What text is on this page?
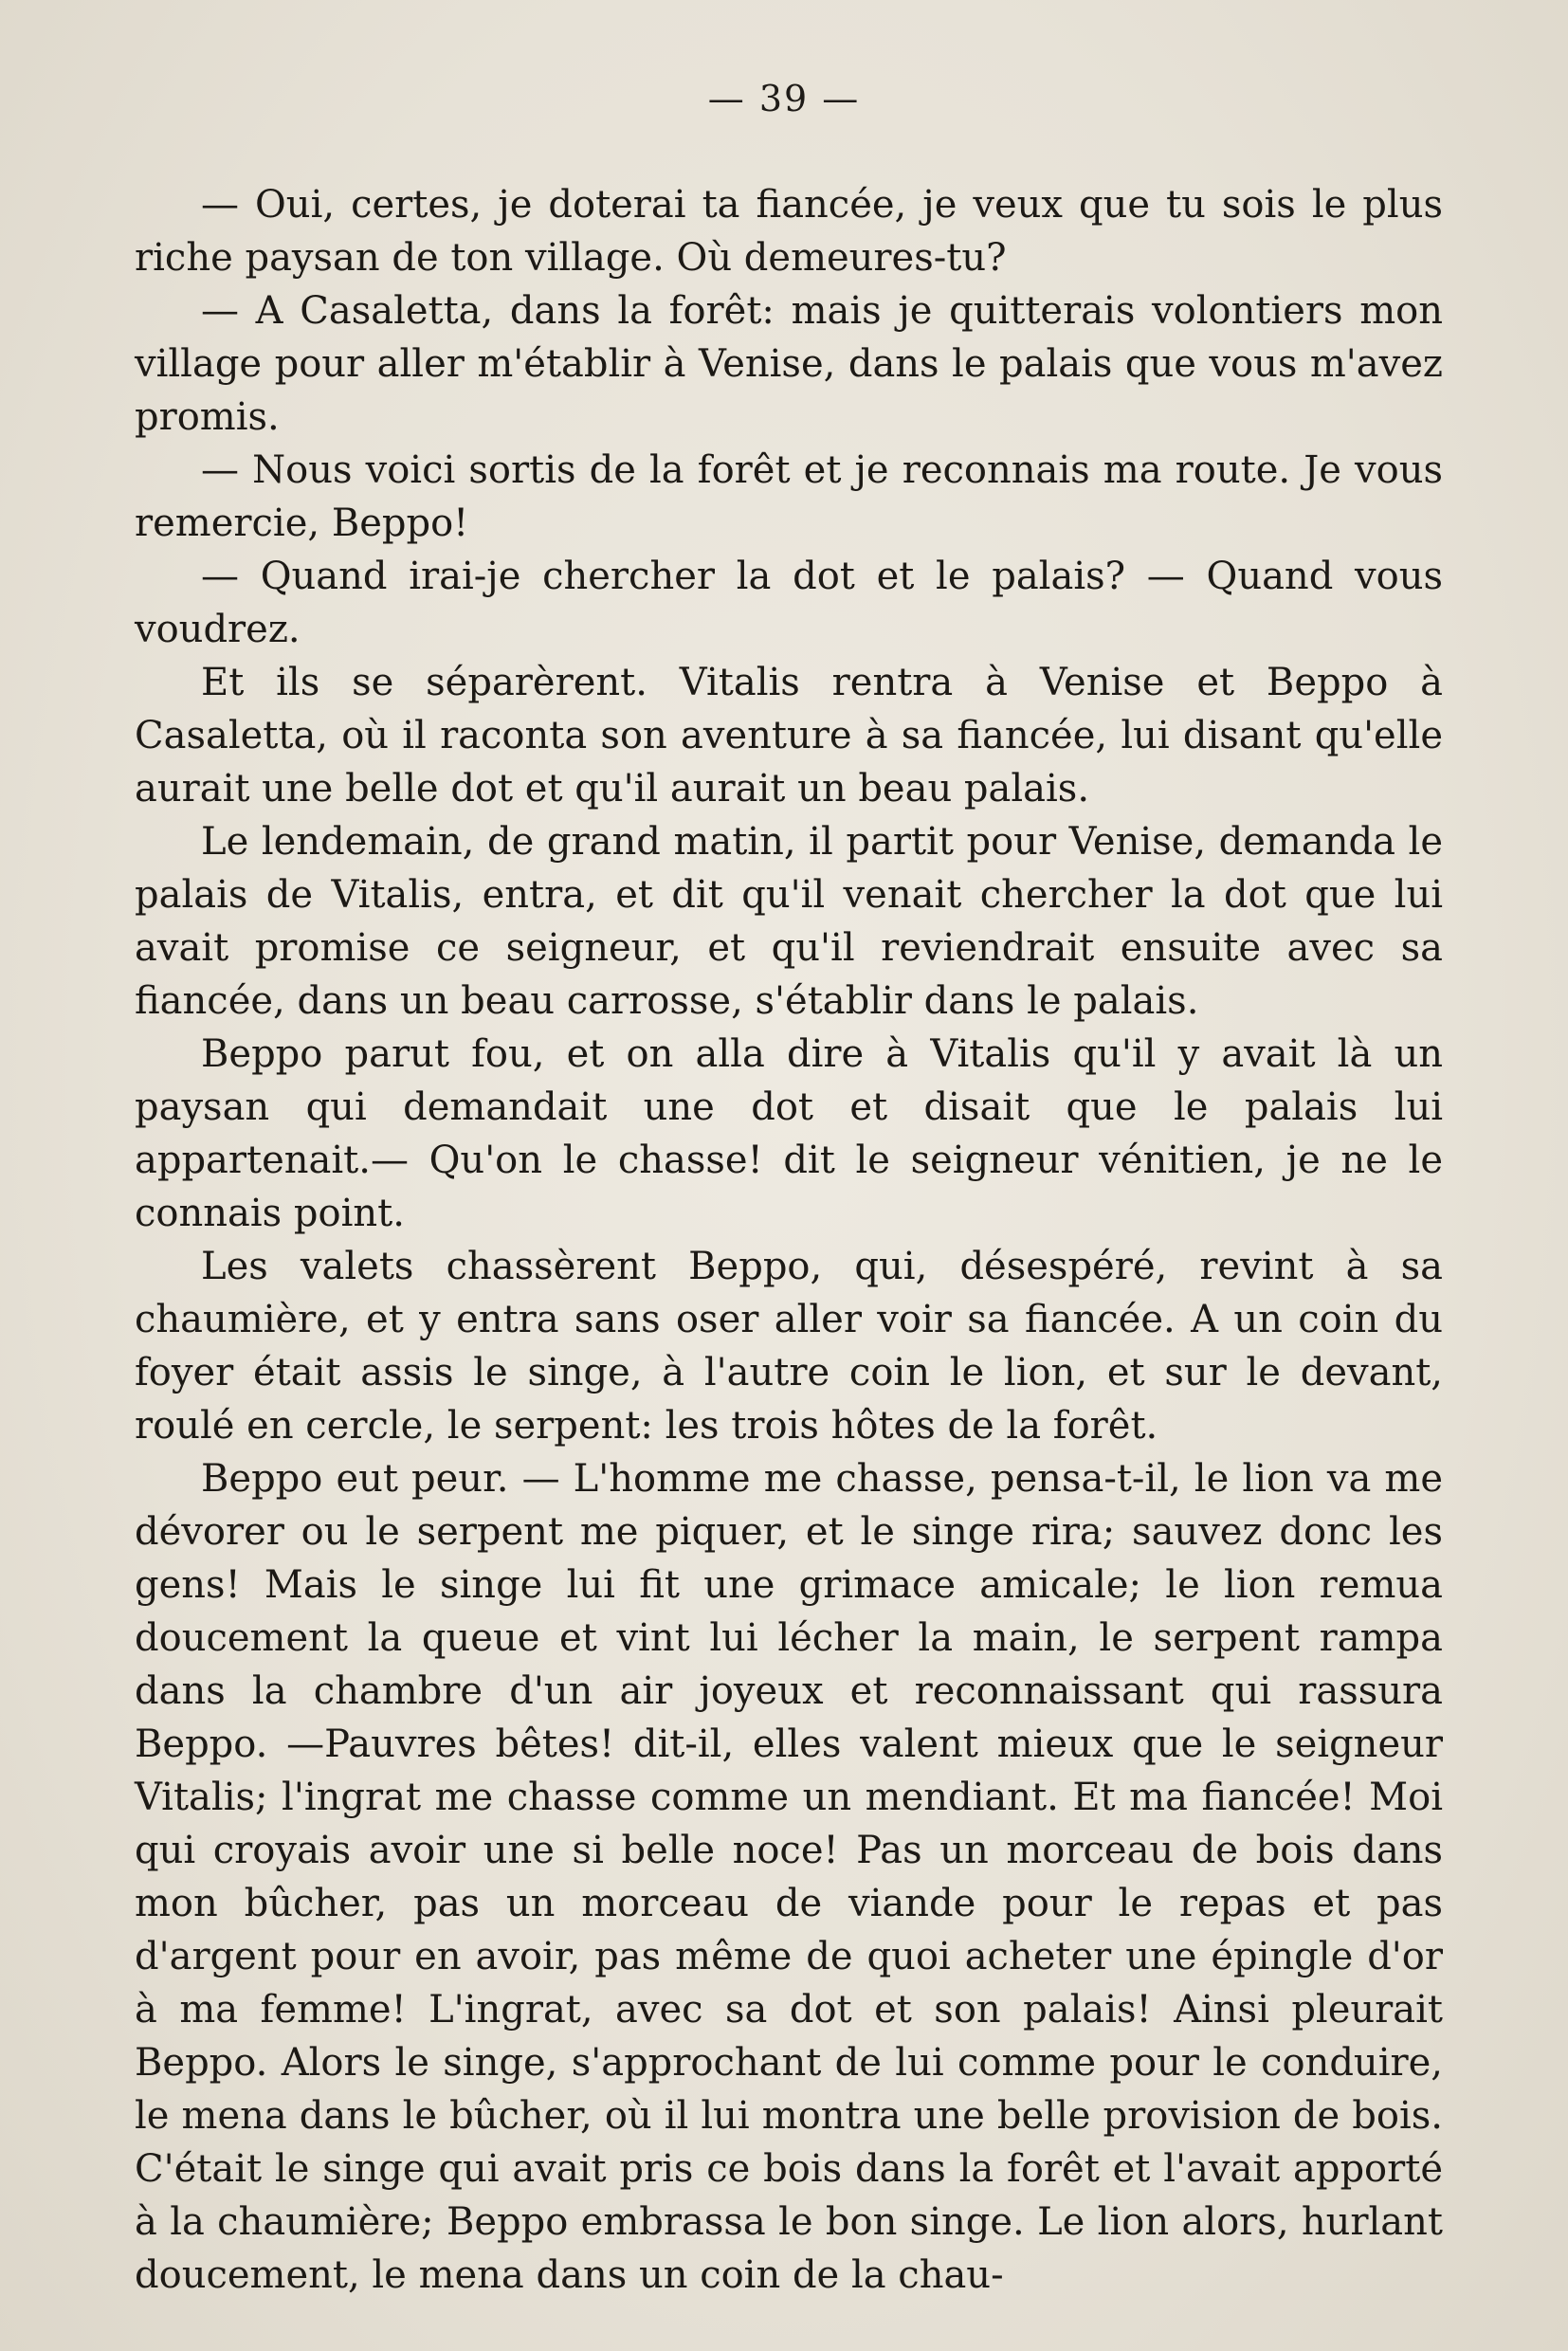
— 39 —

— Oui, certes, je doterai ta fiancée, je veux que tu sois le plus riche paysan de ton village. Où demeures-tu?

— A Casaletta, dans la forêt: mais je quitterais volontiers mon village pour aller m'établir à Venise, dans le palais que vous m'avez promis.

— Nous voici sortis de la forêt et je reconnais ma route. Je vous remercie, Beppo!

— Quand irai-je chercher la dot et le palais? — Quand vous voudrez.

Et ils se séparèrent. Vitalis rentra à Venise et Beppo à Casaletta, où il raconta son aventure à sa fiancée, lui disant qu'elle aurait une belle dot et qu'il aurait un beau palais.

Le lendemain, de grand matin, il partit pour Venise, demanda le palais de Vitalis, entra, et dit qu'il venait chercher la dot que lui avait promise ce seigneur, et qu'il reviendrait ensuite avec sa fiancée, dans un beau carrosse, s'établir dans le palais.

Beppo parut fou, et on alla dire à Vitalis qu'il y avait là un paysan qui demandait une dot et disait que le palais lui appartenait.— Qu'on le chasse! dit le seigneur vénitien, je ne le connais point.

Les valets chassèrent Beppo, qui, désespéré, revint à sa chaumière, et y entra sans oser aller voir sa fiancée. A un coin du foyer était assis le singe, à l'autre coin le lion, et sur le devant, roulé en cercle, le serpent: les trois hôtes de la forêt.

Beppo eut peur. — L'homme me chasse, pensa-t-il, le lion va me dévorer ou le serpent me piquer, et le singe rira; sauvez donc les gens! Mais le singe lui fit une grimace amicale; le lion remua doucement la queue et vint lui lécher la main, le serpent rampa dans la chambre d'un air joyeux et reconnaissant qui rassura Beppo. —Pauvres bêtes! dit-il, elles valent mieux que le seigneur Vitalis; l'ingrat me chasse comme un mendiant. Et ma fiancée! Moi qui croyais avoir une si belle noce! Pas un morceau de bois dans mon bûcher, pas un morceau de viande pour le repas et pas d'argent pour en avoir, pas même de quoi acheter une épingle d'or à ma femme! L'ingrat, avec sa dot et son palais! Ainsi pleurait Beppo. Alors le singe, s'approchant de lui comme pour le conduire, le mena dans le bûcher, où il lui montra une belle provision de bois. C'était le singe qui avait pris ce bois dans la forêt et l'avait apporté à la chaumière; Beppo embrassa le bon singe. Le lion alors, hurlant doucement, le mena dans un coin de la chau-
